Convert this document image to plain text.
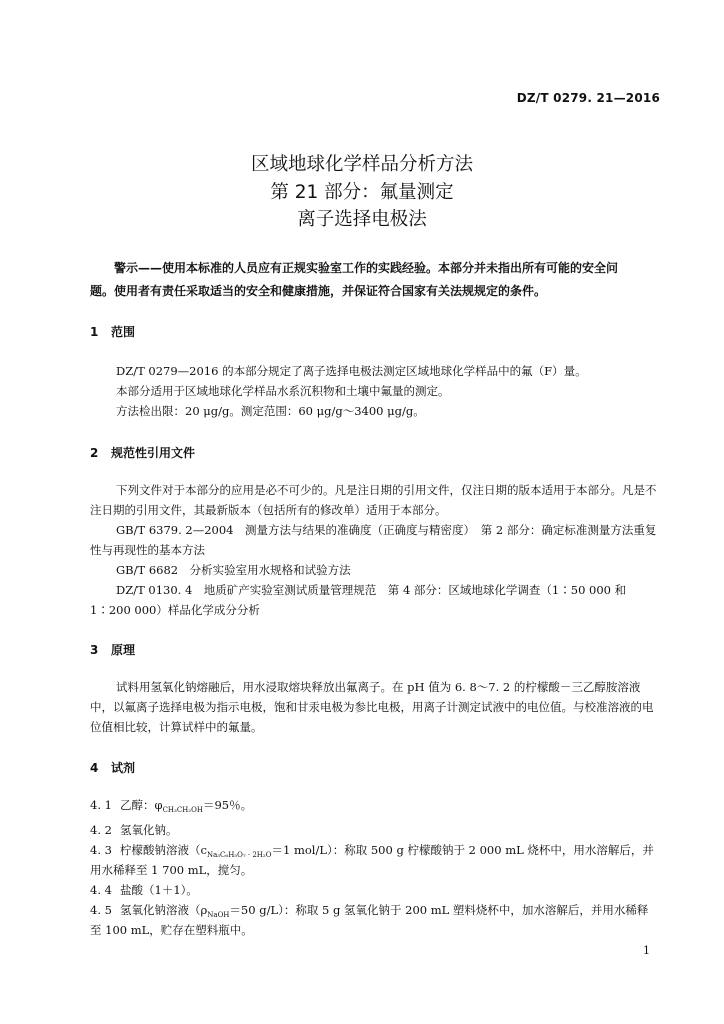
DZ/T 0279. 21—2016
区域地球化学样品分析方法
第 21 部分：氟量测定
离子选择电极法
警示——使用本标准的人员应有正规实验室工作的实践经验。本部分并未指出所有可能的安全问
题。使用者有责任采取适当的安全和健康措施，并保证符合国家有关法规规定的条件。
1 范围
DZ/T 0279—2016 的本部分规定了离子选择电极法测定区域地球化学样品中的氟（F）量。
本部分适用于区域地球化学样品水系沉积物和土壤中氟量的测定。
方法检出限：20 μg/g。测定范围：60 μg/g～3400 μg/g。
2 规范性引用文件
下列文件对于本部分的应用是必不可少的。凡是注日期的引用文件，仅注日期的版本适用于本部分。凡是不注日期的引用文件，其最新版本（包括所有的修改单）适用于本部分。
GB/T 6379. 2—2004　测量方法与结果的准确度（正确度与精密度）　第 2 部分：确定标准测量方法重复性与再现性的基本方法
GB/T 6682　分析实验室用水规格和试验方法
DZ/T 0130. 4　地质矿产实验室测试质量管理规范　第 4 部分：区域地球化学调查（1∶50 000 和 1∶200 000）样品化学成分分析
3 原理
试料用氢氧化钠熔融后，用水浸取熔块释放出氟离子。在 pH 值为 6. 8～7. 2 的柠檬酸－三乙醇胺溶液中，以氟离子选择电极为指示电极，饱和甘汞电极为参比电极，用离子计测定试液中的电位值。与校准溶液的电位值相比较，计算试样中的氟量。
4 试剂
4. 1 乙醇：$\varphi_{CH_3CH_2OH}=95$％。
4. 2 氢氧化钠。
4. 3 柠檬酸钠溶液（$c_{Na_3C_6H_5O_7 \cdot 2H_2O}=1$ mol/L）：称取 500 g 柠檬酸钠于 2 000 mL 烧杯中，用水溶解后，并
用水稀释至 1 700 mL，搅匀。
4. 4 盐酸（1＋1）。
4. 5 氢氧化钠溶液（$\rho_{NaOH}=50$ g/L）：称取 5 g 氢氧化钠于 200 mL 塑料烧杯中，加水溶解后，并用水稀释
至 100 mL，贮存在塑料瓶中。
1
